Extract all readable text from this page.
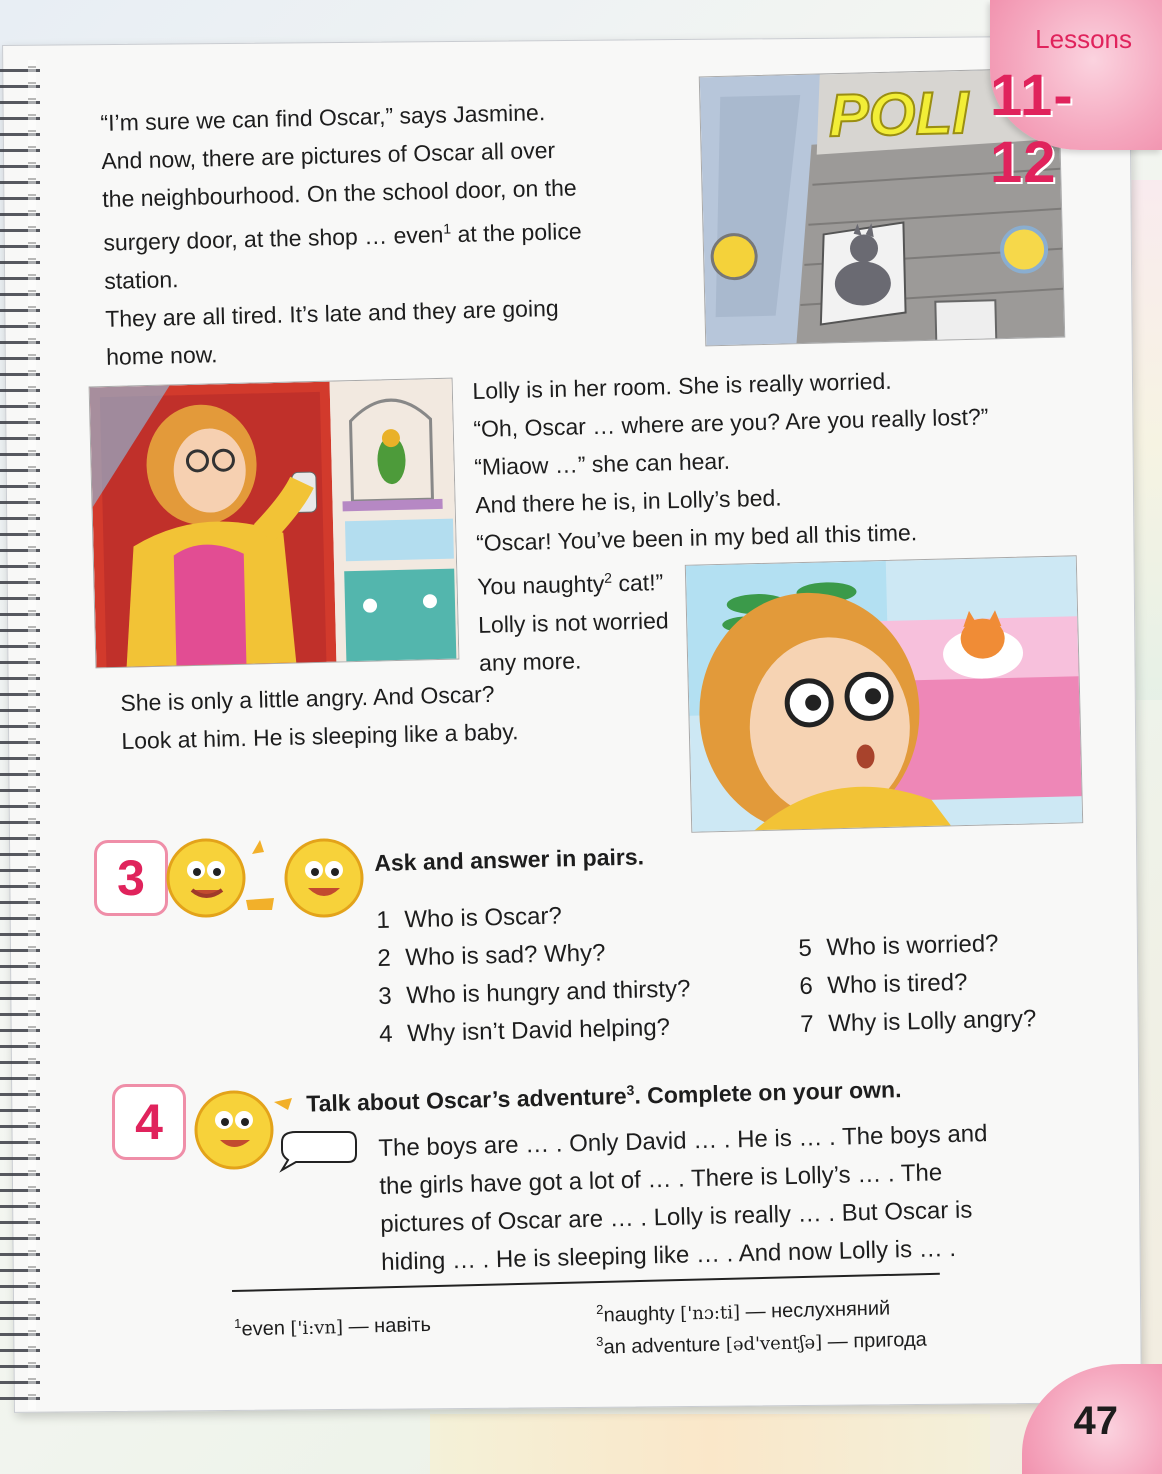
“I’m sure we can find Oscar,” says Jasmine.

And now, there are pictures of Oscar all over

the neighbourhood. On the school door, on the

surgery door, at the shop … even$^1$ at the police

station.

They are all tired. It’s late and they are going

home now.

POLI

Lolly is in her room. She is really worried.

“Oh, Oscar … where are you? Are you really lost?”

“Miaow …” she can hear.

And there he is, in Lolly’s bed.

“Oscar! You’ve been in my bed all this time.

You naughty$^2$ cat!”

Lolly is not worried

any more.

She is only a little angry. And Oscar?

Look at him. He is sleeping like a baby.

3	Ask and answer in pairs.
1 Who is Oscar?
2 Who is sad? Why?
3 Who is hungry and thirsty?
4 Why isn’t David helping?
5 Who is worried?
6 Who is tired?
7 Why is Lolly angry?
4	Talk about Oscar’s adventure$^3$. Complete on your own.

The boys are … . Only David … . He is … . The boys and

the girls have got a lot of … . There is Lolly’s … . The

pictures of Oscar are … . Lolly is really … . But Oscar is

hiding … . He is sleeping like … . And now Lolly is … .

$^1$even ['i:vn] — навіть
$^2$naughty ['nɔ:ti] — неслухняний
$^3$an adventure [əd'ventʃə] — пригода
Lessons
11-12
47
